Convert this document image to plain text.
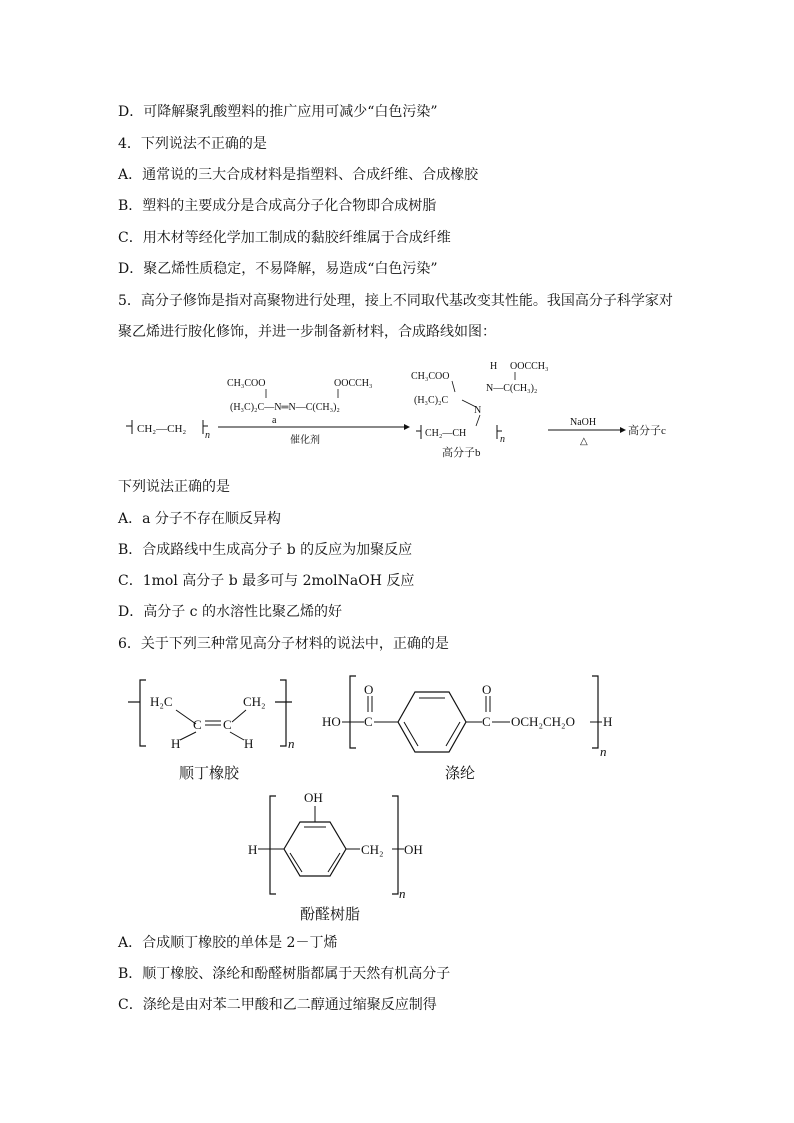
D．可降解聚乳酸塑料的推广应用可减少“白色污染”
4．下列说法不正确的是
A．通常说的三大合成材料是指塑料、合成纤维、合成橡胶
B．塑料的主要成分是合成高分子化合物即合成树脂
C．用木材等经化学加工制成的黏胶纤维属于合成纤维
D．聚乙烯性质稳定，不易降解，易造成“白色污染”
5．高分子修饰是指对高聚物进行处理，接上不同取代基改变其性能。我国高分子科学家对
聚乙烯进行胺化修饰，并进一步制备新材料，合成路线如图：
CH₂—CH₂
n
CH₃COO	OOCCH₃
(H₃C)₂C—N═N—C(CH₃)₂
a
催化剂
H OOCCH₃
N—C(CH₃)₂
CH₃COO
(H₃C)₂C
N
CH₂—CH
n
高分子b
NaOH
△
高分子c
下列说法正确的是
A．a 分子不存在顺反异构
B．合成路线中生成高分子 b 的反应为加聚反应
C．1mol 高分子 b 最多可与 2molNaOH 反应
D．高分子 c 的水溶性比聚乙烯的好
6．关于下列三种常见高分子材料的说法中，正确的是
H₂C
C C
CH₂
H	H	n
HO C
O
C
O
OCH₂CH₂O H
n
H
OH
CH₂ OH
n
顺丁橡胶	涤纶
酚醛树脂
A．合成顺丁橡胶的单体是 2－丁烯
B．顺丁橡胶、涤纶和酚醛树脂都属于天然有机高分子
C．涤纶是由对苯二甲酸和乙二醇通过缩聚反应制得
